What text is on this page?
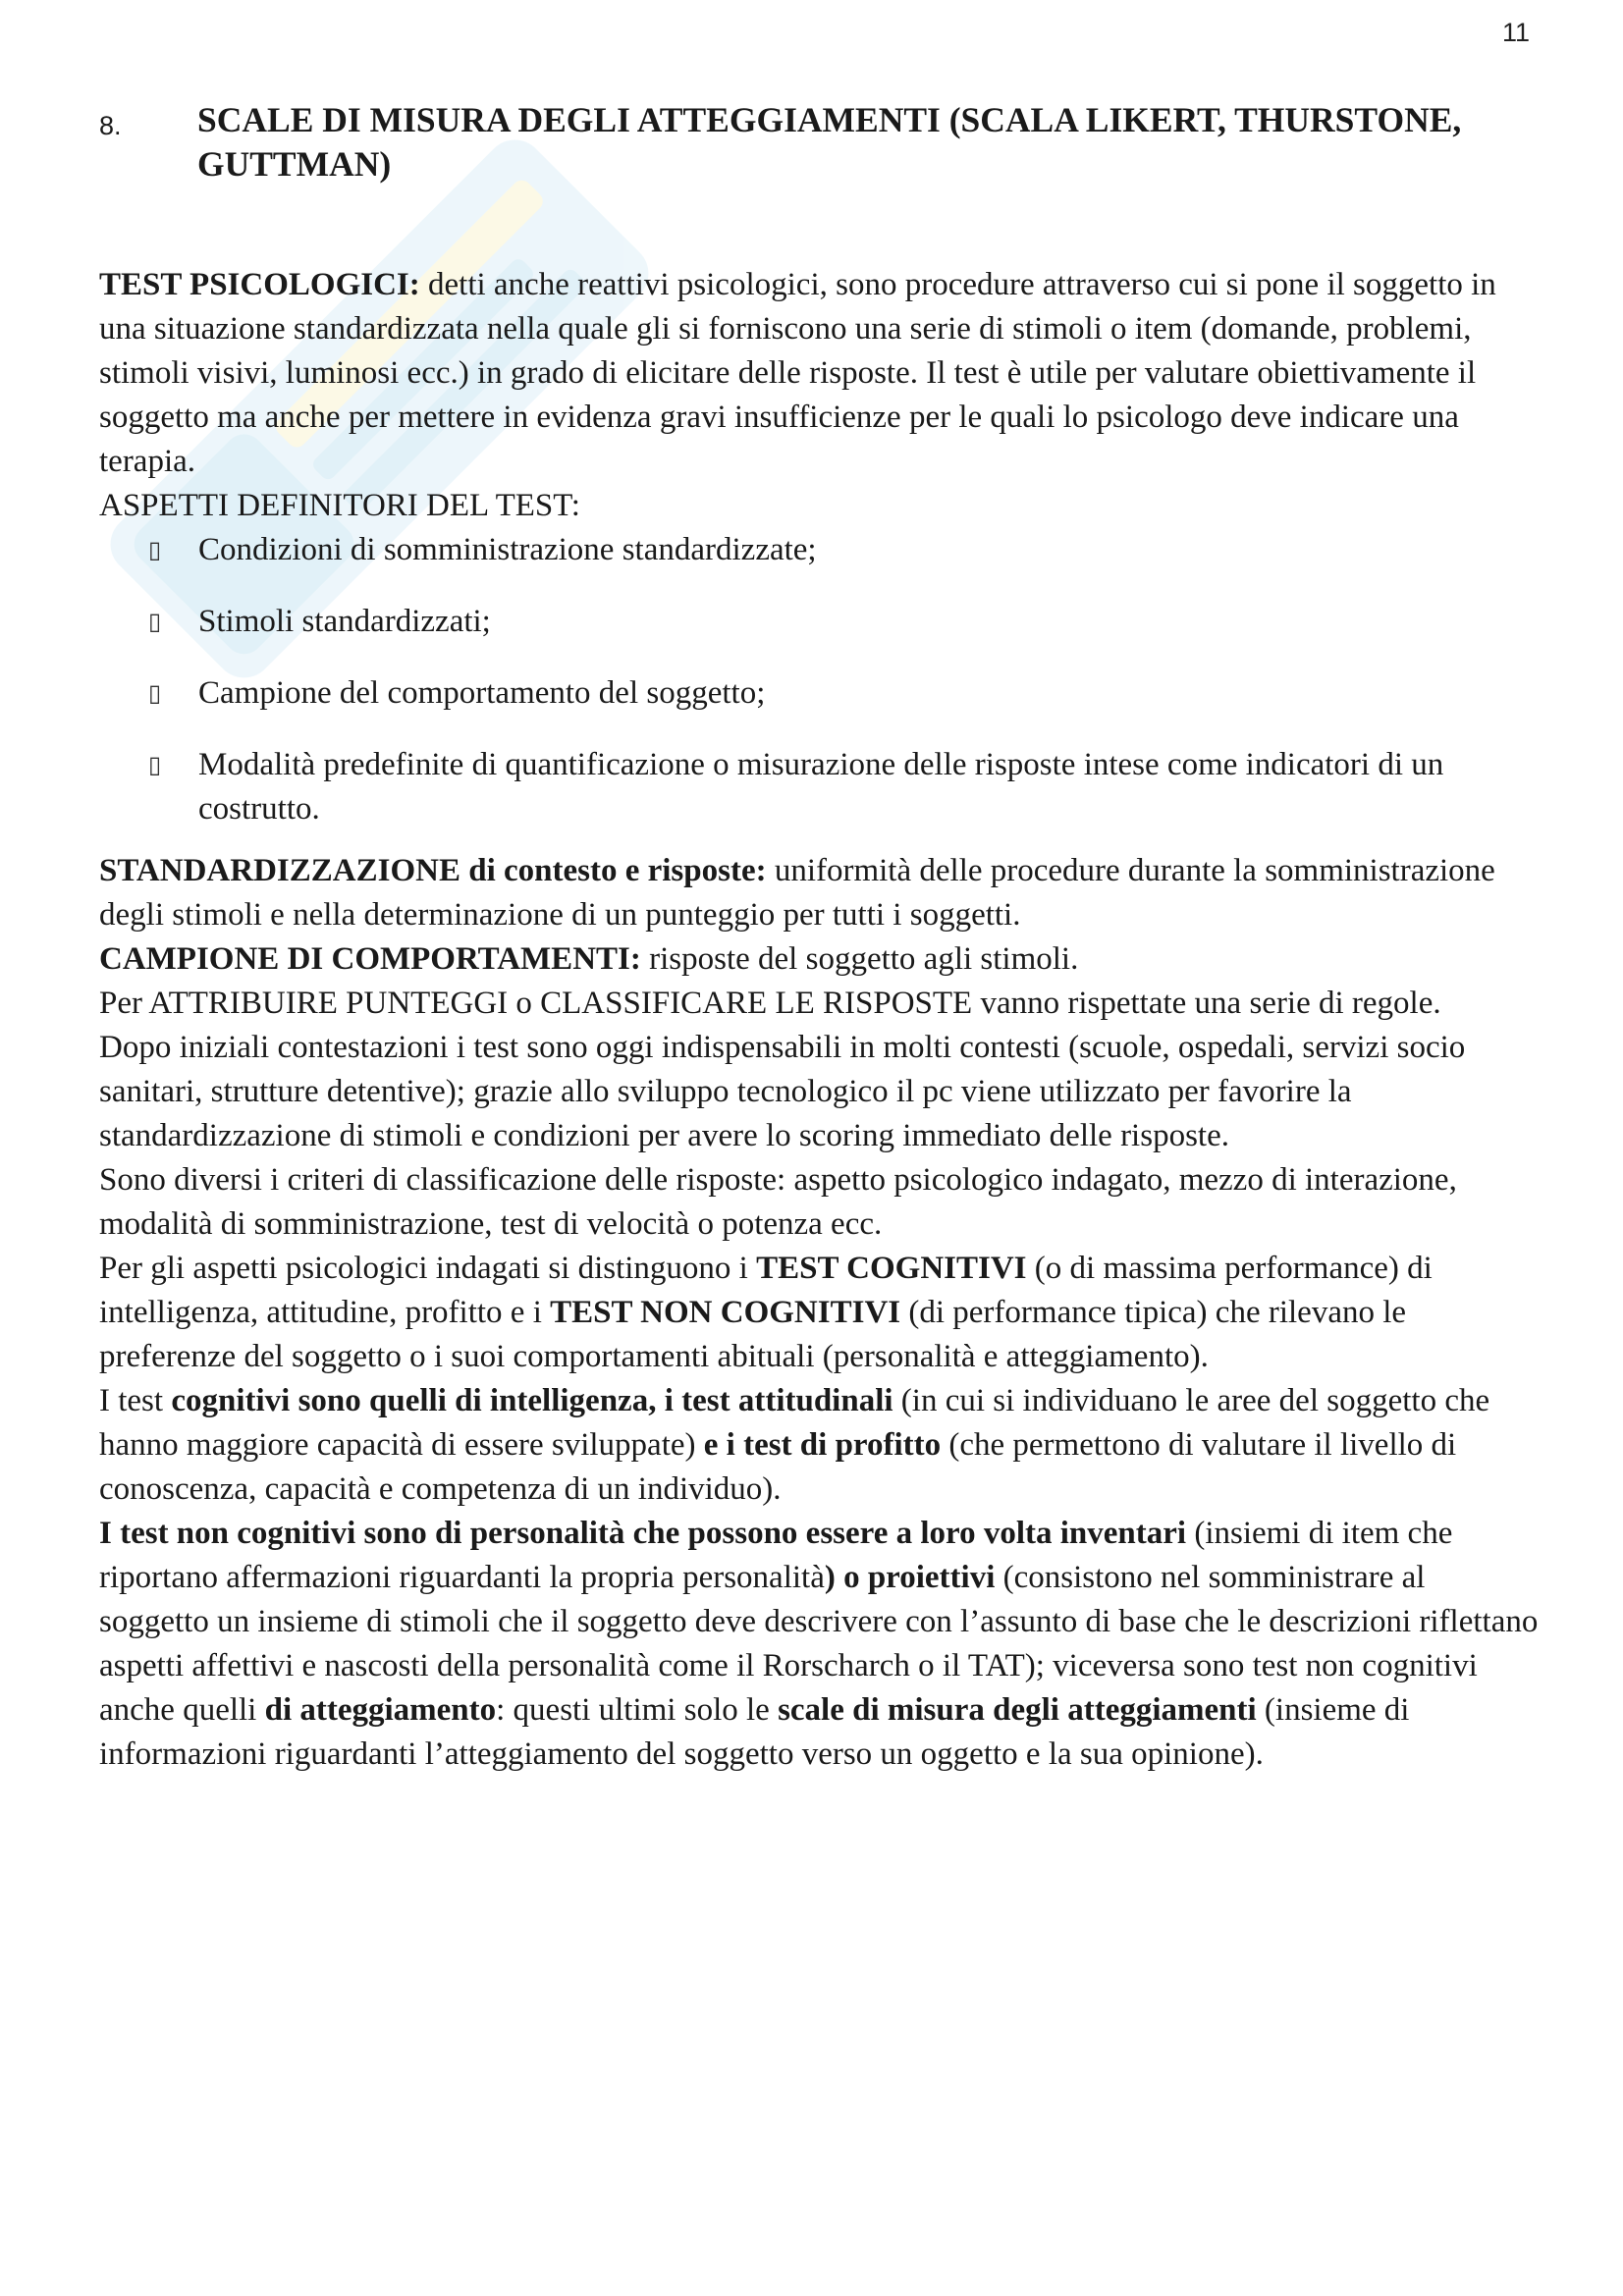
11
8.	SCALE DI MISURA DEGLI ATTEGGIAMENTI (SCALA LIKERT, THURSTONE, GUTTMAN)

TEST PSICOLOGICI: detti anche reattivi psicologici, sono procedure attraverso cui si pone il soggetto in una situazione standardizzata nella quale gli si forniscono una serie di stimoli o item (domande, problemi, stimoli visivi, luminosi ecc.) in grado di elicitare delle risposte. Il test è utile per valutare obiettivamente il soggetto ma anche per mettere in evidenza gravi insufficienze per le quali lo psicologo deve indicare una terapia.

ASPETTI DEFINITORI DEL TEST:

▯	Condizioni di somministrazione standardizzate;
▯	Stimoli standardizzati;
▯	Campione del comportamento del soggetto;
▯	Modalità predefinite di quantificazione o misurazione delle risposte intese come indicatori di un costrutto.

STANDARDIZZAZIONE di contesto e risposte: uniformità delle procedure durante la somministrazione degli stimoli e nella determinazione di un punteggio per tutti i soggetti.

CAMPIONE DI COMPORTAMENTI: risposte del soggetto agli stimoli.

Per ATTRIBUIRE PUNTEGGI o CLASSIFICARE LE RISPOSTE vanno rispettate una serie di regole.

Dopo iniziali contestazioni i test sono oggi indispensabili in molti contesti (scuole, ospedali, servizi socio sanitari, strutture detentive); grazie allo sviluppo tecnologico il pc viene utilizzato per favorire la standardizzazione di stimoli e condizioni per avere lo scoring immediato delle risposte.

Sono diversi i criteri di classificazione delle risposte: aspetto psicologico indagato, mezzo di interazione, modalità di somministrazione, test di velocità o potenza ecc.

Per gli aspetti psicologici indagati si distinguono i TEST COGNITIVI (o di massima performance) di intelligenza, attitudine, profitto e i TEST NON COGNITIVI (di performance tipica) che rilevano le preferenze del soggetto o i suoi comportamenti abituali (personalità e atteggiamento).

I test cognitivi sono quelli di intelligenza, i test attitudinali (in cui si individuano le aree del soggetto che hanno maggiore capacità di essere sviluppate) e i test di profitto (che permettono di valutare il livello di conoscenza, capacità e competenza di un individuo).

I test non cognitivi sono di personalità che possono essere a loro volta inventari (insiemi di item che riportano affermazioni riguardanti la propria personalità) o proiettivi (consistono nel somministrare al soggetto un insieme di stimoli che il soggetto deve descrivere con l’assunto di base che le descrizioni riflettano aspetti affettivi e nascosti della personalità come il Rorscharch o il TAT); viceversa sono test non cognitivi anche quelli di atteggiamento: questi ultimi solo le scale di misura degli atteggiamenti (insieme di informazioni riguardanti l’atteggiamento del soggetto verso un oggetto e la sua opinione).
